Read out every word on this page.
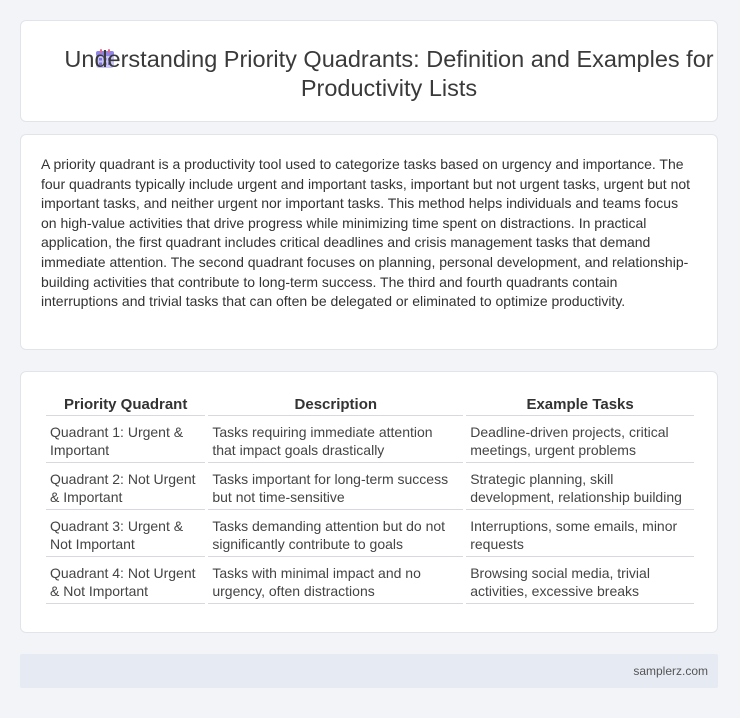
Understanding Priority Quadrants: Definition and Examples for Productivity Lists

A priority quadrant is a productivity tool used to categorize tasks based on urgency and importance. The four quadrants typically include urgent and important tasks, important but not urgent tasks, urgent but not important tasks, and neither urgent nor important tasks. This method helps individuals and teams focus on high-value activities that drive progress while minimizing time spent on distractions. In practical application, the first quadrant includes critical deadlines and crisis management tasks that demand immediate attention. The second quadrant focuses on planning, personal development, and relationship-building activities that contribute to long-term success. The third and fourth quadrants contain interruptions and trivial tasks that can often be delegated or eliminated to optimize productivity.

Priority Quadrant	Description	Example Tasks
Quadrant 1: Urgent & Important	Tasks requiring immediate attention that impact goals drastically	Deadline-driven projects, critical meetings, urgent problems
Quadrant 2: Not Urgent & Important	Tasks important for long-term success but not time-sensitive	Strategic planning, skill development, relationship building
Quadrant 3: Urgent & Not Important	Tasks demanding attention but do not significantly contribute to goals	Interruptions, some emails, minor requests
Quadrant 4: Not Urgent & Not Important	Tasks with minimal impact and no urgency, often distractions	Browsing social media, trivial activities, excessive breaks
samplerz.com
